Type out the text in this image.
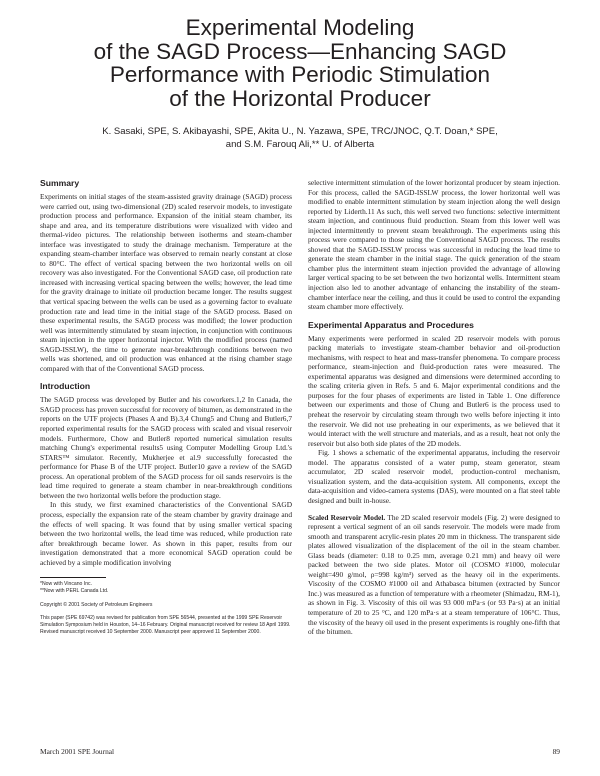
Experimental Modeling
of the SAGD Process—Enhancing SAGD
Performance with Periodic Stimulation
of the Horizontal Producer
K. Sasaki, SPE, S. Akibayashi, SPE, Akita U., N. Yazawa, SPE, TRC/JNOC, Q.T. Doan,* SPE,
and S.M. Farouq Ali,** U. of Alberta
Summary

Experiments on initial stages of the steam-assisted gravity drainage (SAGD) process were carried out, using two-dimensional (2D) scaled reservoir models, to investigate production process and performance. Expansion of the initial steam chamber, its shape and area, and its temperature distributions were visualized with video and thermal-video pictures. The relationship between isotherms and steam-chamber interface was investigated to study the drainage mechanism. Temperature at the expanding steam-chamber interface was observed to remain nearly constant at close to 80°C. The effect of vertical spacing between the two horizontal wells on oil recovery was also investigated. For the Conventional SAGD case, oil production rate increased with increasing vertical spacing between the wells; however, the lead time for the gravity drainage to initiate oil production became longer. The results suggest that vertical spacing between the wells can be used as a governing factor to evaluate production rate and lead time in the initial stage of the SAGD process. Based on these experimental results, the SAGD process was modified; the lower production well was intermittently stimulated by steam injection, in conjunction with continuous steam injection in the upper horizontal injector. With the modified process (named SAGD-ISSLW), the time to generate near-breakthrough conditions between two wells was shortened, and oil production was enhanced at the rising chamber stage compared with that of the Conventional SAGD process.

Introduction

The SAGD process was developed by Butler and his coworkers.1,2 In Canada, the SAGD process has proven successful for recovery of bitumen, as demonstrated in the reports on the UTF projects (Phases A and B).3,4 Chung5 and Chung and Butler6,7 reported experimental results for the SAGD process with scaled and visual reservoir models. Furthermore, Chow and Butler8 reported numerical simulation results matching Chung's experimental results5 using Computer Modelling Group Ltd.'s STARS™ simulator. Recently, Mukherjee et al.9 successfully forecasted the performance for Phase B of the UTF project. Butler10 gave a review of the SAGD process. An operational problem of the SAGD process for oil sands reservoirs is the lead time required to generate a steam chamber in near-breakthrough conditions between the two horizontal wells before the production stage.

In this study, we first examined characteristics of the Conventional SAGD process, especially the expansion rate of the steam chamber by gravity drainage and the effects of well spacing. It was found that by using smaller vertical spacing between the two horizontal wells, the lead time was reduced, while production rate after breakthrough became lower. As shown in this paper, results from our investigation demonstrated that a more economical SAGD operation could be achieved by a simple modification involving

*Now with Vincano Inc.
**Now with PERL Canada Ltd.
Copyright © 2001 Society of Petroleum Engineers
This paper (SPE 69742) was revised for publication from SPE 56544, presented at the 1999 SPE Reservoir Simulation Symposium held in Houston, 14–16 February. Original manuscript received for review 18 April 1999. Revised manuscript received 10 September 2000. Manuscript peer approved 11 September 2000.

selective intermittent stimulation of the lower horizontal producer by steam injection. For this process, called the SAGD-ISSLW process, the lower horizontal well was modified to enable intermittent stimulation by steam injection along the well design reported by Liderth.11 As such, this well served two functions: selective intermittent steam injection, and continuous fluid production. Steam from this lower well was injected intermittently to prevent steam breakthrough. The experiments using this process were compared to those using the Conventional SAGD process. The results showed that the SAGD-ISSLW process was successful in reducing the lead time to generate the steam chamber in the initial stage. The quick generation of the steam chamber plus the intermittent steam injection provided the advantage of allowing larger vertical spacing to be set between the two horizontal wells. Intermittent steam injection also led to another advantage of enhancing the instability of the steam-chamber interface near the ceiling, and thus it could be used to control the expanding steam chamber more effectively.

Experimental Apparatus and Procedures

Many experiments were performed in scaled 2D reservoir models with porous packing materials to investigate steam-chamber behavior and oil-production mechanisms, with respect to heat and mass-transfer phenomena. To compare process performance, steam-injection and fluid-production rates were measured. The experimental apparatus was designed and dimensions were determined according to the scaling criteria given in Refs. 5 and 6. Major experimental conditions and the purposes for the four phases of experiments are listed in Table 1. One difference between our experiments and those of Chung and Butler6 is the process used to preheat the reservoir by circulating steam through two wells before injecting it into the reservoir. We did not use preheating in our experiments, as we believed that it would interact with the well structure and materials, and as a result, heat not only the reservoir but also both side plates of the 2D models.

Fig. 1 shows a schematic of the experimental apparatus, including the reservoir model. The apparatus consisted of a water pump, steam generator, steam accumulator, 2D scaled reservoir model, production-control mechanism, visualization system, and the data-acquisition system. All components, except the data-acquisition and video-camera systems (DAS), were mounted on a flat steel table designed and built in-house.

Scaled Reservoir Model. The 2D scaled reservoir models (Fig. 2) were designed to represent a vertical segment of an oil sands reservoir. The models were made from smooth and transparent acrylic-resin plates 20 mm in thickness. The transparent side plates allowed visualization of the displacement of the oil in the steam chamber. Glass beads (diameter: 0.18 to 0.25 mm, average 0.21 mm) and heavy oil were packed between the two side plates. Motor oil (COSMO #1000, molecular weight=490 g/mol, ρ=998 kg/m³) served as the heavy oil in the experiments. Viscosity of the COSMO #1000 oil and Athabasca bitumen (extracted by Suncor Inc.) was measured as a function of temperature with a rheometer (Shimadzu, RM-1), as shown in Fig. 3. Viscosity of this oil was 93 000 mPa·s (or 93 Pa·s) at an initial temperature of 20 to 25 °C, and 120 mPa·s at a steam temperature of 106°C. Thus, the viscosity of the heavy oil used in the present experiments is roughly one-fifth that of the bitumen.

March 2001 SPE Journal	89
